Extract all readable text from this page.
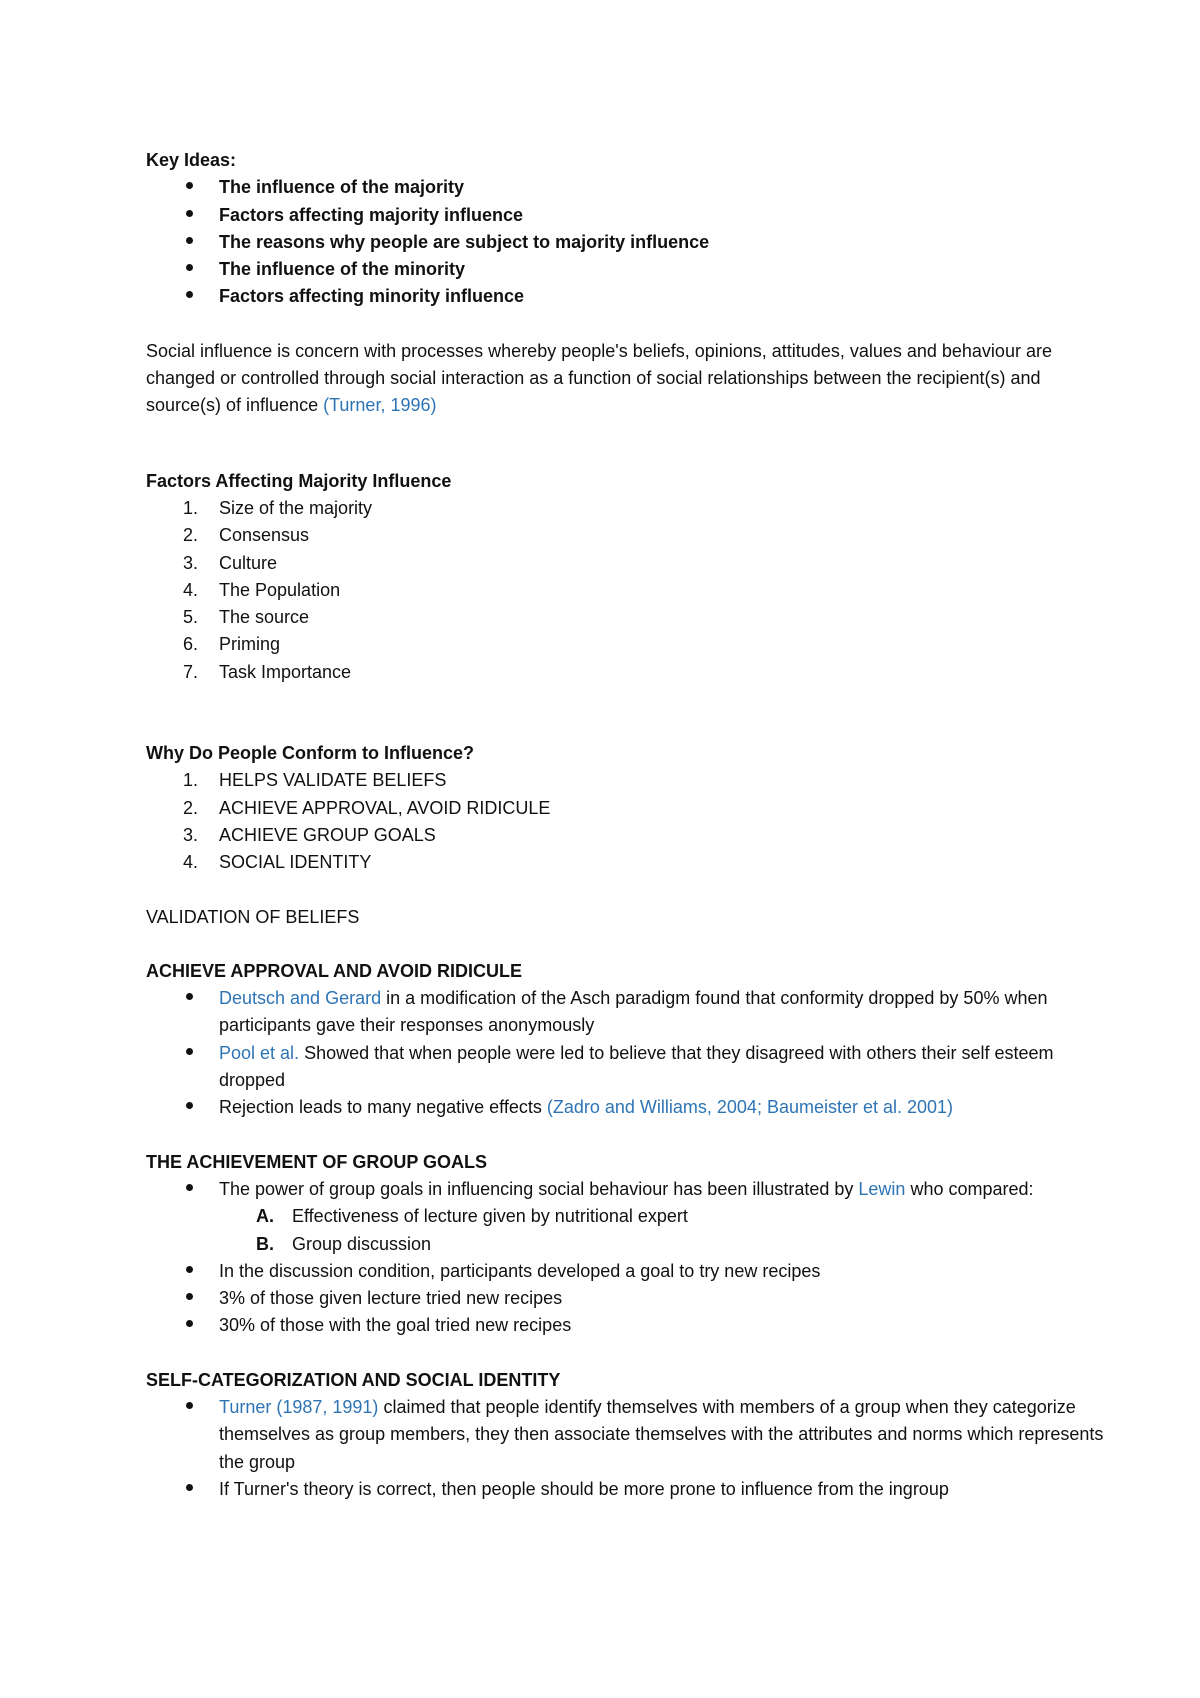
Key Ideas:
The influence of the majority
Factors affecting majority influence
The reasons why people are subject to majority influence
The influence of the minority
Factors affecting minority influence

Social influence is concern with processes whereby people's beliefs, opinions, attitudes, values and behaviour are changed or controlled through social interaction as a function of social relationships between the recipient(s) and source(s) of influence (Turner, 1996)

Factors Affecting Majority Influence
1. Size of the majority
2. Consensus
3. Culture
4. The Population
5. The source
6. Priming
7. Task Importance
Why Do People Conform to Influence?
1. HELPS VALIDATE BELIEFS
2. ACHIEVE APPROVAL, AVOID RIDICULE
3. ACHIEVE GROUP GOALS
4. SOCIAL IDENTITY
VALIDATION OF BELIEFS
ACHIEVE APPROVAL AND AVOID RIDICULE
Deutsch and Gerard in a modification of the Asch paradigm found that conformity dropped by 50% when participants gave their responses anonymously
Pool et al. Showed that when people were led to believe that they disagreed with others their self esteem dropped
Rejection leads to many negative effects (Zadro and Williams, 2004; Baumeister et al. 2001)
THE ACHIEVEMENT OF GROUP GOALS
The power of group goals in influencing social behaviour has been illustrated by Lewin who compared:
A. Effectiveness of lecture given by nutritional expert
B. Group discussion
In the discussion condition, participants developed a goal to try new recipes
3% of those given lecture tried new recipes
30% of those with the goal tried new recipes
SELF-CATEGORIZATION AND SOCIAL IDENTITY
Turner (1987, 1991) claimed that people identify themselves with members of a group when they categorize themselves as group members, they then associate themselves with the attributes and norms which represents the group
If Turner's theory is correct, then people should be more prone to influence from the ingroup
